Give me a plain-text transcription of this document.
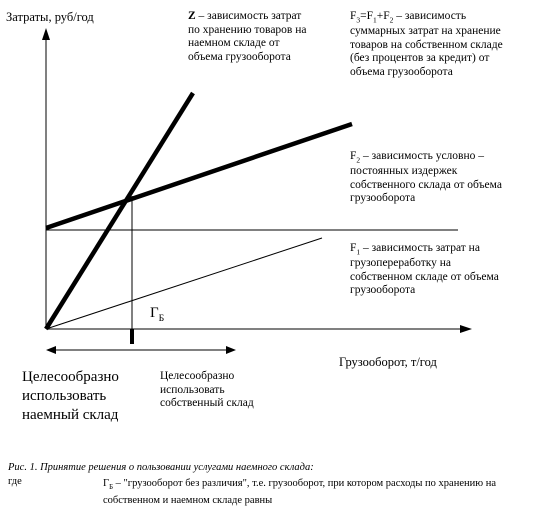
Затраты, руб/год	Z – зависимость затрат
по хранению товаров на
наемном складе от
объема грузооборота
$F_3=F_1+F_2$ – зависимость
суммарных затрат на хранение
товаров на собственном складе
(без процентов за кредит) от
объема грузооборота
$F_2$ – зависимость условно –
постоянных издержек
собственного склада от объема
грузооборота
$F_1$ – зависимость затрат на
грузопереработку на
собственном складе от объема
грузооборота
$Г_Б$
Грузооборот, т/год
Целесообразно
использовать
наемный склад
Целесообразно
использовать
собственный склад
Рис. 1. Принятие решения о пользовании услугами наемного склада:
где	$Г_Б$ – "грузооборот без различия", т.е. грузооборот, при котором расходы по хранению на собственном и наемном складе равны
